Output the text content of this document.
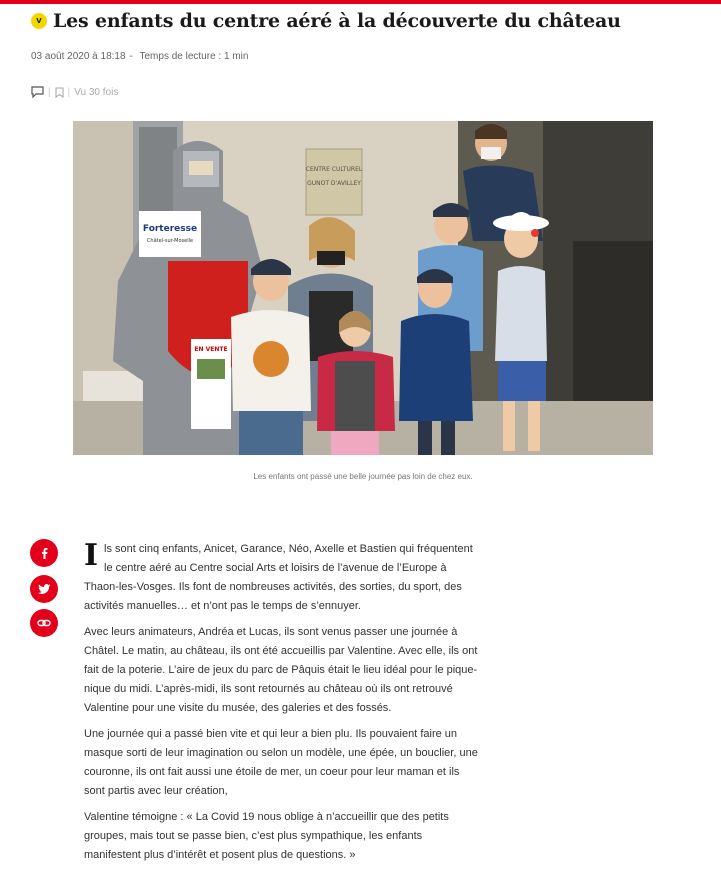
V Les enfants du centre aéré à la découverte du château
03 août 2020 à 18:18 - Temps de lecture : 1 min
| | Vu 30 fois
CENTRE CULTUREL
GUNOT D'AVILLEY
Forteresse
Châtel-sur-Moselle
EN VENTE
Les enfants ont passé une belle journée pas loin de chez eux.

Ils sont cinq enfants, Anicet, Garance, Néo, Axelle et Bastien qui fréquentent le centre aéré au Centre social Arts et loisirs de l’avenue de l’Europe à Thaon-les-Vosges. Ils font de nombreuses activités, des sorties, du sport, des activités manuelles… et n’ont pas le temps de s’ennuyer.

Avec leurs animateurs, Andréa et Lucas, ils sont venus passer une journée à Châtel. Le matin, au château, ils ont été accueillis par Valentine. Avec elle, ils ont fait de la poterie. L’aire de jeux du parc de Pâquis était le lieu idéal pour le pique-nique du midi. L’après-midi, ils sont retournés au château où ils ont retrouvé Valentine pour une visite du musée, des galeries et des fossés.

Une journée qui a passé bien vite et qui leur a bien plu. Ils pouvaient faire un masque sorti de leur imagination ou selon un modèle, une épée, un bouclier, une couronne, ils ont fait aussi une étoile de mer, un coeur pour leur maman et ils sont partis avec leur création,

Valentine témoigne : « La Covid 19 nous oblige à n’accueillir que des petits groupes, mais tout se passe bien, c’est plus sympathique, les enfants manifestent plus d’intérêt et posent plus de questions. »
